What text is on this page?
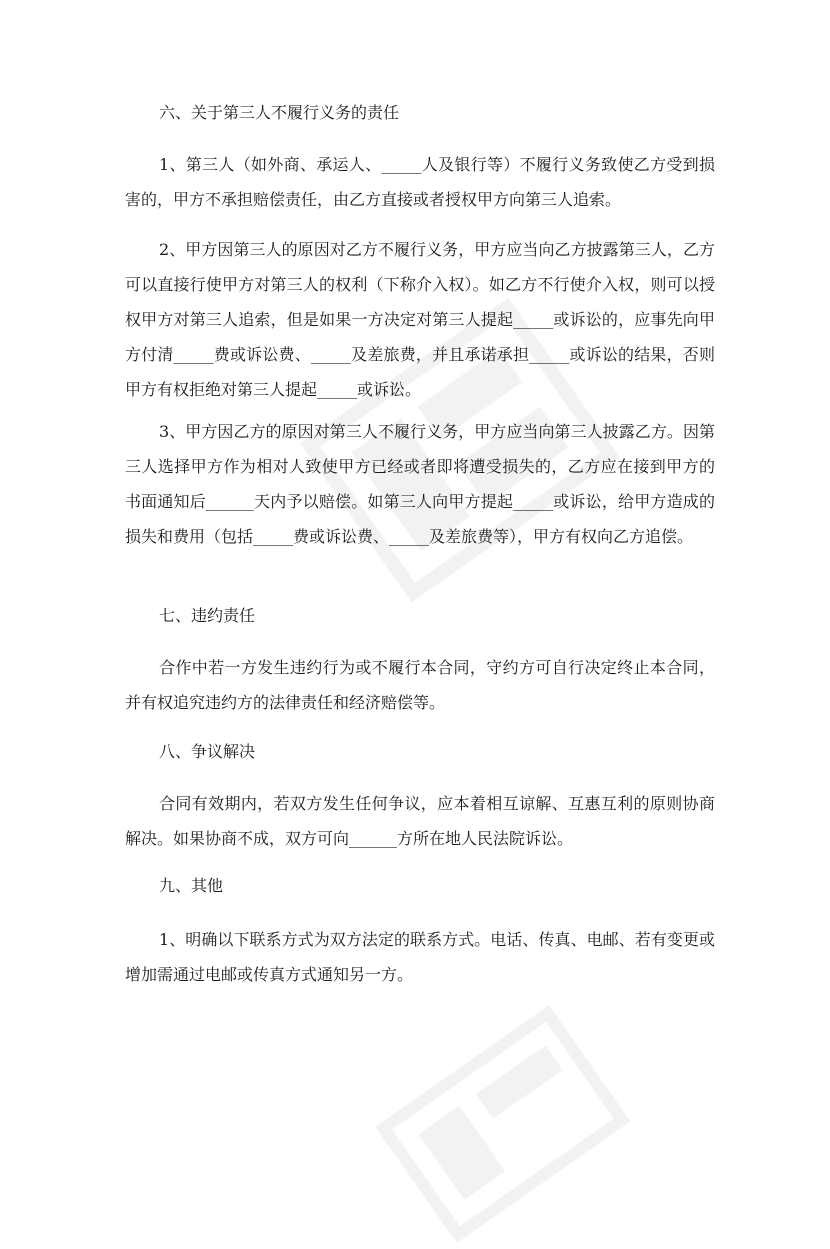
六、关于第三人不履行义务的责任

1、第三人（如外商、承运人、_____人及银行等）不履行义务致使乙方受到损害的，甲方不承担赔偿责任，由乙方直接或者授权甲方向第三人追索。

2、甲方因第三人的原因对乙方不履行义务，甲方应当向乙方披露第三人，乙方可以直接行使甲方对第三人的权利（下称介入权）。如乙方不行使介入权，则可以授权甲方对第三人追索，但是如果一方决定对第三人提起_____或诉讼的，应事先向甲方付清_____费或诉讼费、_____及差旅费，并且承诺承担_____或诉讼的结果，否则甲方有权拒绝对第三人提起_____或诉讼。

3、甲方因乙方的原因对第三人不履行义务，甲方应当向第三人披露乙方。因第三人选择甲方作为相对人致使甲方已经或者即将遭受损失的，乙方应在接到甲方的书面通知后______天内予以赔偿。如第三人向甲方提起_____或诉讼，给甲方造成的损失和费用（包括_____费或诉讼费、_____及差旅费等），甲方有权向乙方追偿。

七、违约责任

合作中若一方发生违约行为或不履行本合同，守约方可自行决定终止本合同，并有权追究违约方的法律责任和经济赔偿等。

八、争议解决

合同有效期内，若双方发生任何争议，应本着相互谅解、互惠互利的原则协商解决。如果协商不成，双方可向______方所在地人民法院诉讼。

九、其他

1、明确以下联系方式为双方法定的联系方式。电话、传真、电邮、若有变更或增加需通过电邮或传真方式通知另一方。
